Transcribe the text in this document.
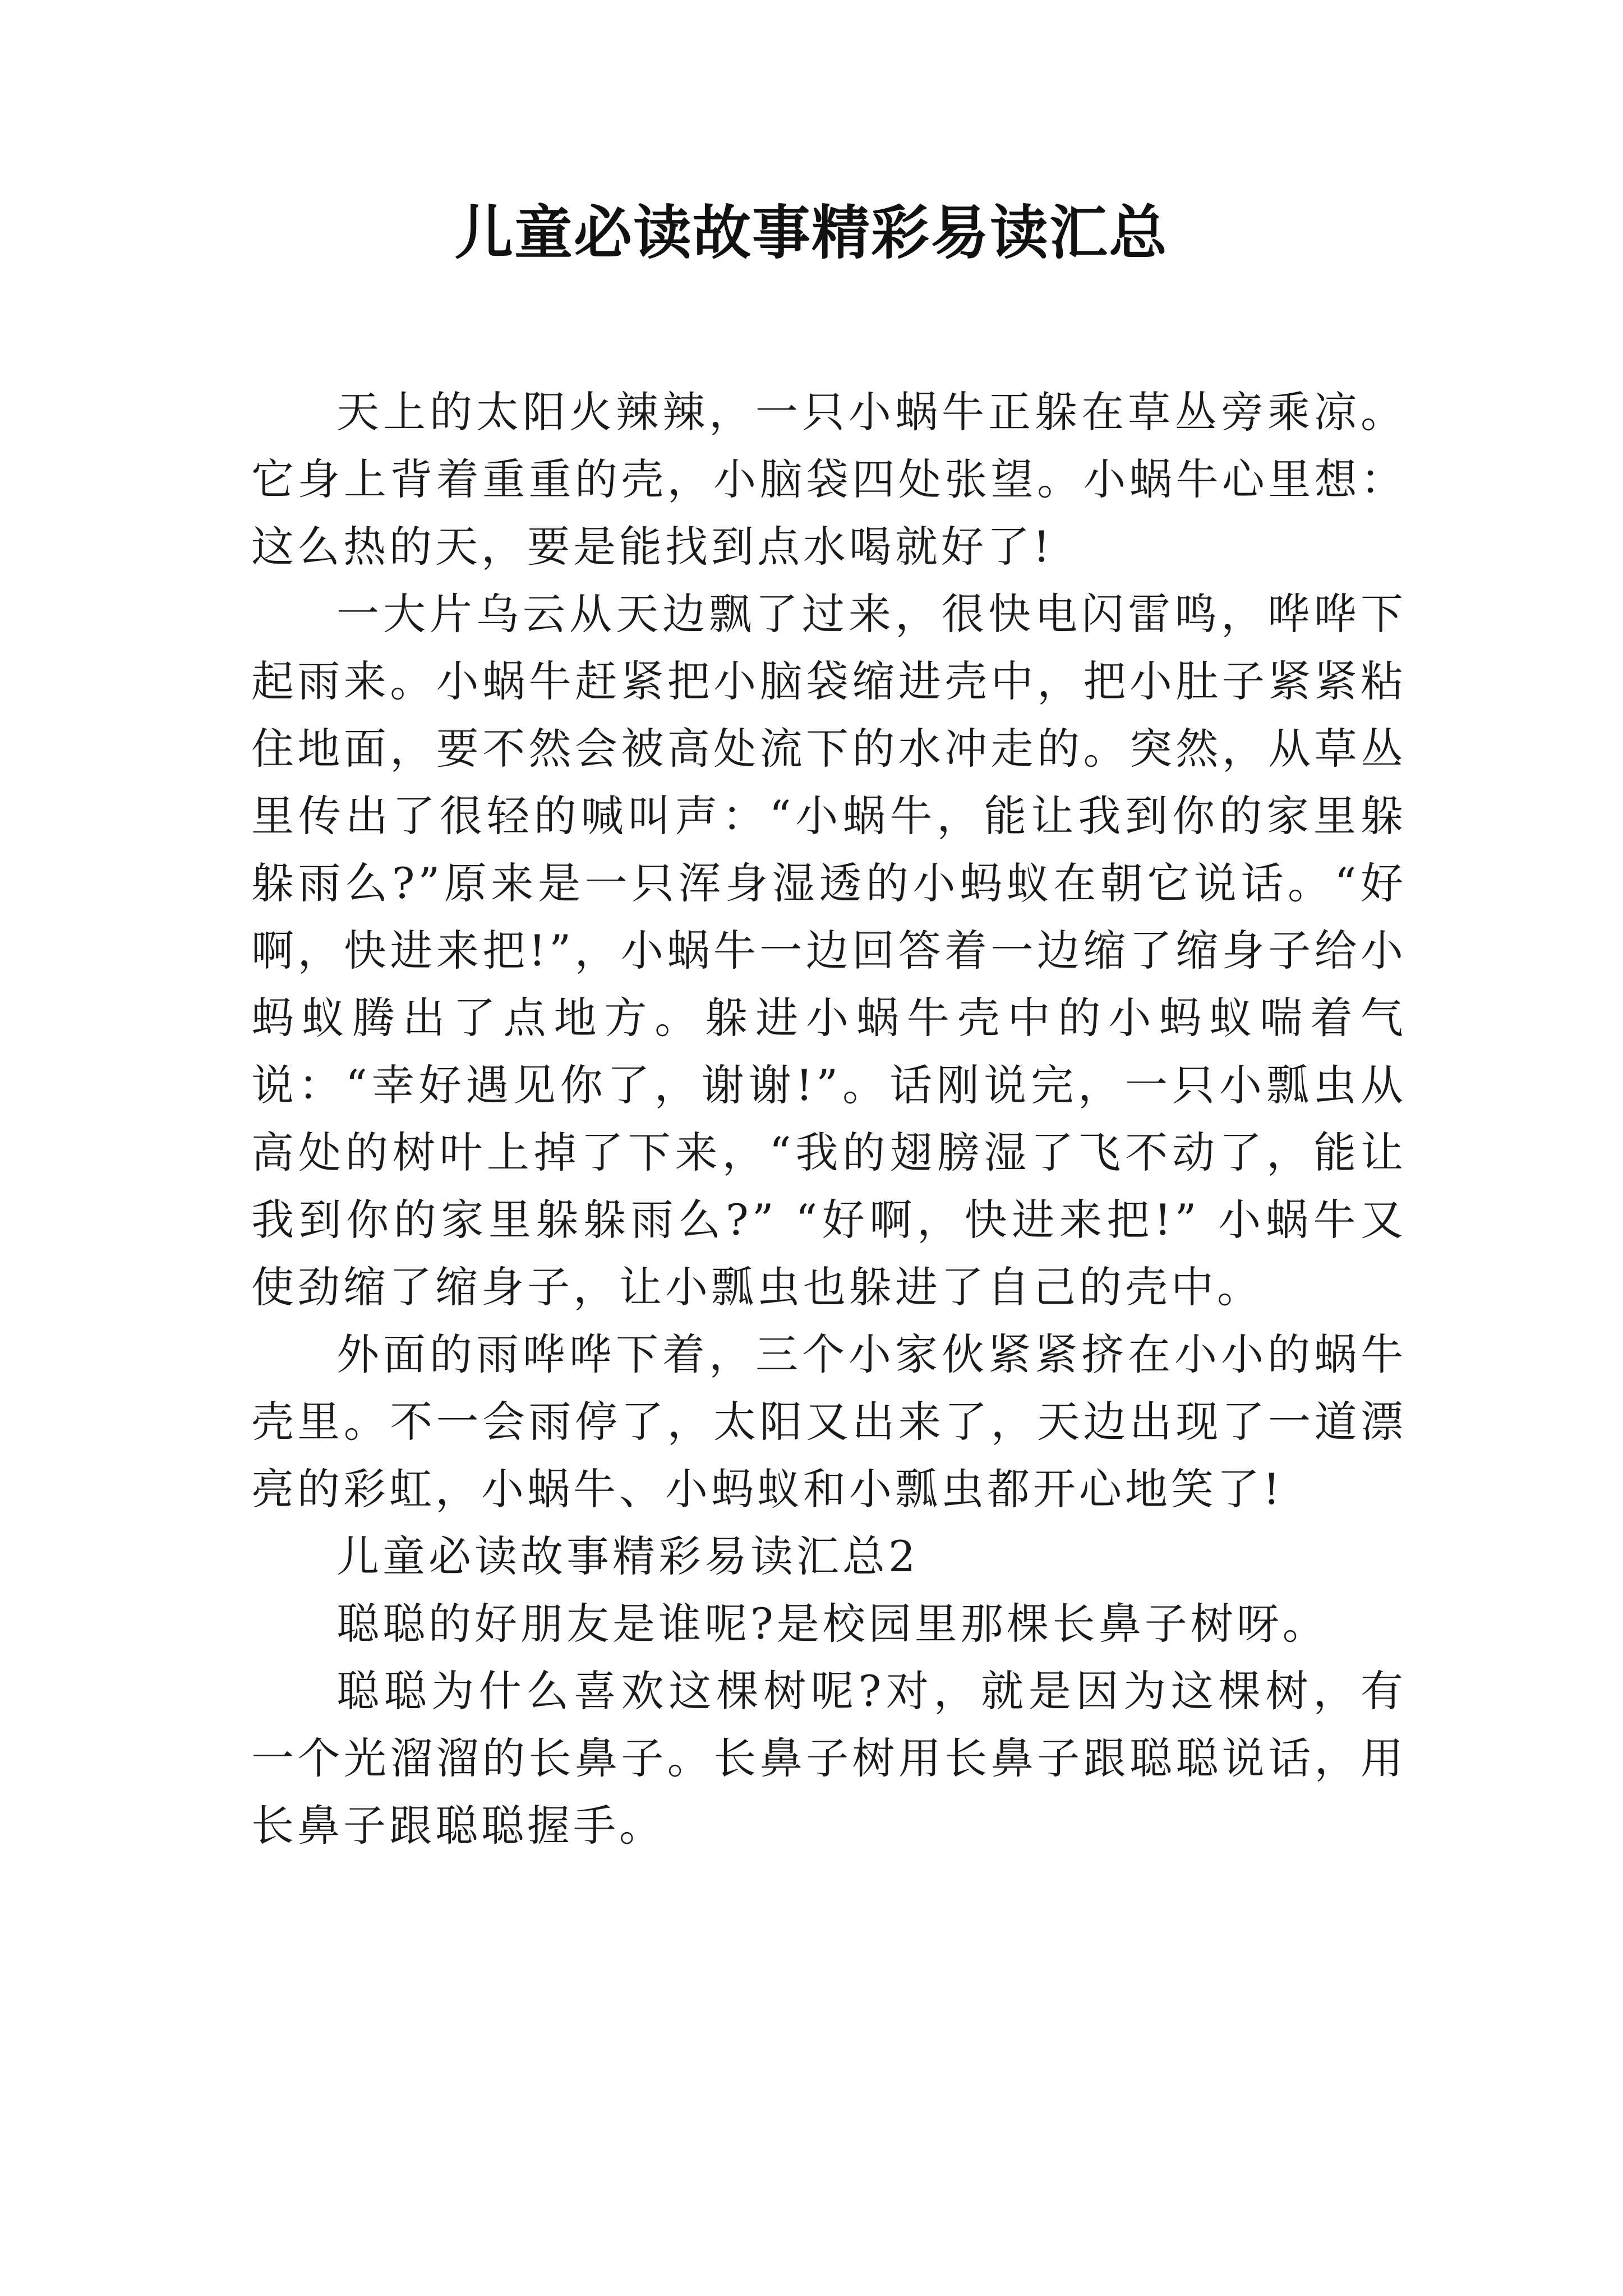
儿童必读故事精彩易读汇总

天上的太阳火辣辣，一只小蜗牛正躲在草丛旁乘凉。它身上背着重重的壳，小脑袋四处张望。小蜗牛心里想：这么热的天，要是能找到点水喝就好了!

一大片乌云从天边飘了过来，很快电闪雷鸣，哗哗下起雨来。小蜗牛赶紧把小脑袋缩进壳中，把小肚子紧紧粘住地面，要不然会被高处流下的水冲走的。突然，从草丛里传出了很轻的喊叫声：“小蜗牛，能让我到你的家里躲躲雨么?”原来是一只浑身湿透的小蚂蚁在朝它说话。“好啊，快进来把!”，小蜗牛一边回答着一边缩了缩身子给小蚂蚁腾出了点地方。躲进小蜗牛壳中的小蚂蚁喘着气说：“幸好遇见你了，谢谢!”。话刚说完，一只小瓢虫从高处的树叶上掉了下来，“我的翅膀湿了飞不动了，能让我到你的家里躲躲雨么?” “好啊，快进来把!” 小蜗牛又使劲缩了缩身子，让小瓢虫也躲进了自己的壳中。

外面的雨哗哗下着，三个小家伙紧紧挤在小小的蜗牛壳里。不一会雨停了，太阳又出来了，天边出现了一道漂亮的彩虹，小蜗牛、小蚂蚁和小瓢虫都开心地笑了!

儿童必读故事精彩易读汇总2

聪聪的好朋友是谁呢?是校园里那棵长鼻子树呀。

聪聪为什么喜欢这棵树呢?对，就是因为这棵树，有一个光溜溜的长鼻子。长鼻子树用长鼻子跟聪聪说话，用长鼻子跟聪聪握手。
